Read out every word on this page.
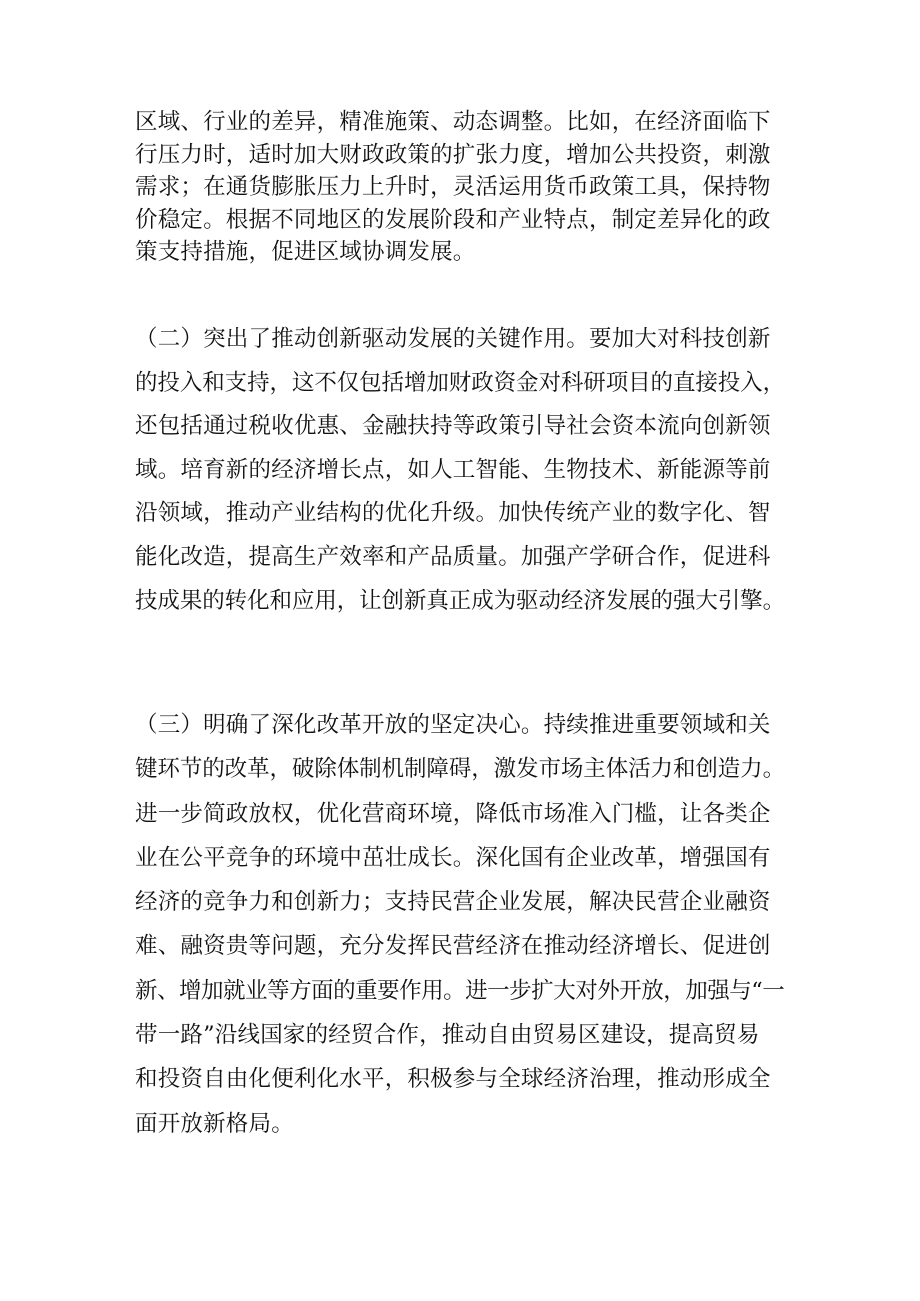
区域、行业的差异，精准施策、动态调整。比如，在经济面临下
行压力时，适时加大财政政策的扩张力度，增加公共投资，刺激
需求；在通货膨胀压力上升时，灵活运用货币政策工具，保持物
价稳定。根据不同地区的发展阶段和产业特点，制定差异化的政
策支持措施，促进区域协调发展。
（二）突出了推动创新驱动发展的关键作用。要加大对科技创新
的投入和支持，这不仅包括增加财政资金对科研项目的直接投入，
还包括通过税收优惠、金融扶持等政策引导社会资本流向创新领
域。培育新的经济增长点，如人工智能、生物技术、新能源等前
沿领域，推动产业结构的优化升级。加快传统产业的数字化、智
能化改造，提高生产效率和产品质量。加强产学研合作，促进科
技成果的转化和应用，让创新真正成为驱动经济发展的强大引擎。
（三）明确了深化改革开放的坚定决心。持续推进重要领域和关
键环节的改革，破除体制机制障碍，激发市场主体活力和创造力。
进一步简政放权，优化营商环境，降低市场准入门槛，让各类企
业在公平竞争的环境中茁壮成长。深化国有企业改革，增强国有
经济的竞争力和创新力；支持民营企业发展，解决民营企业融资
难、融资贵等问题，充分发挥民营经济在推动经济增长、促进创
新、增加就业等方面的重要作用。进一步扩大对外开放，加强与“一
带一路”沿线国家的经贸合作，推动自由贸易区建设，提高贸易
和投资自由化便利化水平，积极参与全球经济治理，推动形成全
面开放新格局。
